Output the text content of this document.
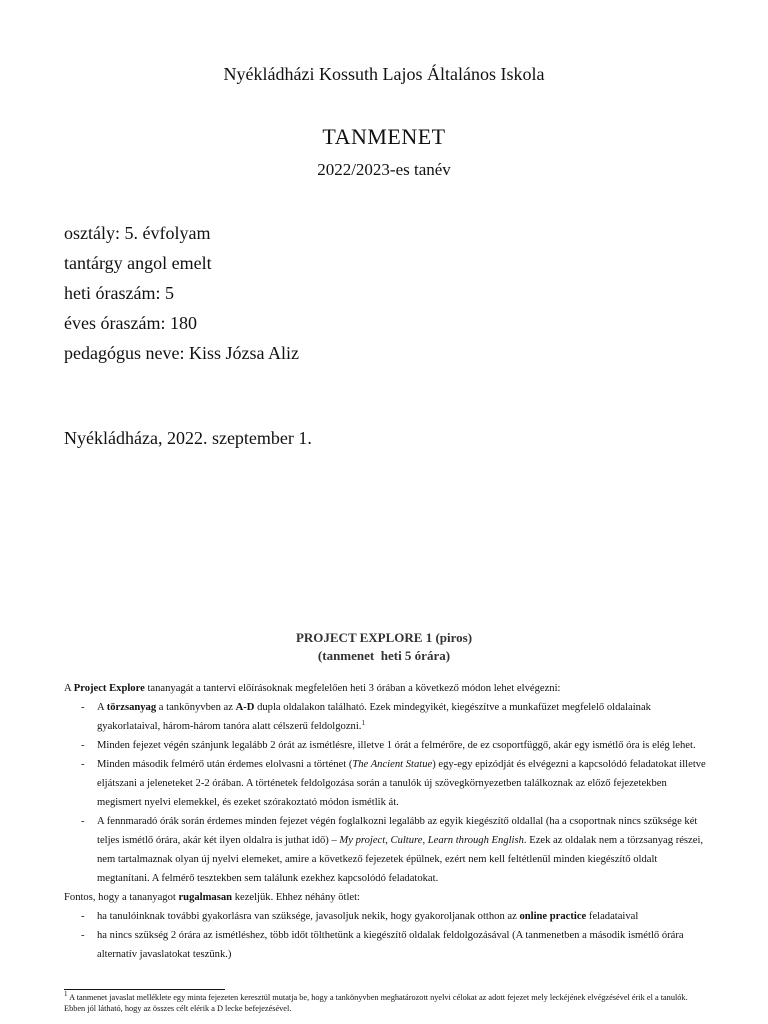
Nyékládházi Kossuth Lajos Általános Iskola
TANMENET
2022/2023-es tanév
osztály: 5. évfolyam
tantárgy angol emelt
heti óraszám: 5
éves óraszám: 180
pedagógus neve: Kiss Józsa Aliz
Nyékládháza, 2022. szeptember 1.
PROJECT EXPLORE 1 (piros)
(tanmenet  heti 5 órára)

A Project Explore tananyagát a tantervi előírásoknak megfelelően heti 3 órában a következő módon lehet elvégezni:

- A törzsanyag a tankönyvben az A-D dupla oldalakon található. Ezek mindegyikét, kiegészítve a munkafüzet megfelelő oldalainak gyakorlataival, három-három tanóra alatt célszerű feldolgozni.$^1$
- Minden fejezet végén szánjunk legalább 2 órát az ismétlésre, illetve 1 órát a felmérőre, de ez csoportfüggő, akár egy ismétlő óra is elég lehet.
- Minden második felmérő után érdemes elolvasni a történet (The Ancient Statue) egy-egy epizódját és elvégezni a kapcsolódó feladatokat illetve eljátszani a jeleneteket 2-2 órában. A történetek feldolgozása során a tanulók új szövegkörnyezetben találkoznak az előző fejezetekben megismert nyelvi elemekkel, és ezeket szórakoztató módon ismétlik át.
- A fennmaradó órák során érdemes minden fejezet végén foglalkozni legalább az egyik kiegészítő oldallal (ha a csoportnak nincs szüksége két teljes ismétlő órára, akár két ilyen oldalra is juthat idő) – My project, Culture, Learn through English. Ezek az oldalak nem a törzsanyag részei, nem tartalmaznak olyan új nyelvi elemeket, amire a következő fejezetek épülnek, ezért nem kell feltétlenül minden kiegészítő oldalt megtanítani. A felmérő tesztekben sem találunk ezekhez kapcsolódó feladatokat.

Fontos, hogy a tananyagot rugalmasan kezeljük. Ehhez néhány ötlet:

- ha tanulóinknak további gyakorlásra van szüksége, javasoljuk nekik, hogy gyakoroljanak otthon az online practice feladataival
- ha nincs szükség 2 órára az ismétléshez, több időt tölthetünk a kiegészítő oldalak feldolgozásával (A tanmenetben a második ismétlő órára alternatív javaslatokat teszünk.)
$^1$ A tanmenet javaslat melléklete egy minta fejezeten keresztül mutatja be, hogy a tankönyvben meghatározott nyelvi célokat az adott fejezet mely leckéjének elvégzésével érik el a tanulók. Ebben jól látható, hogy az összes célt elérik a D lecke befejezésével.
